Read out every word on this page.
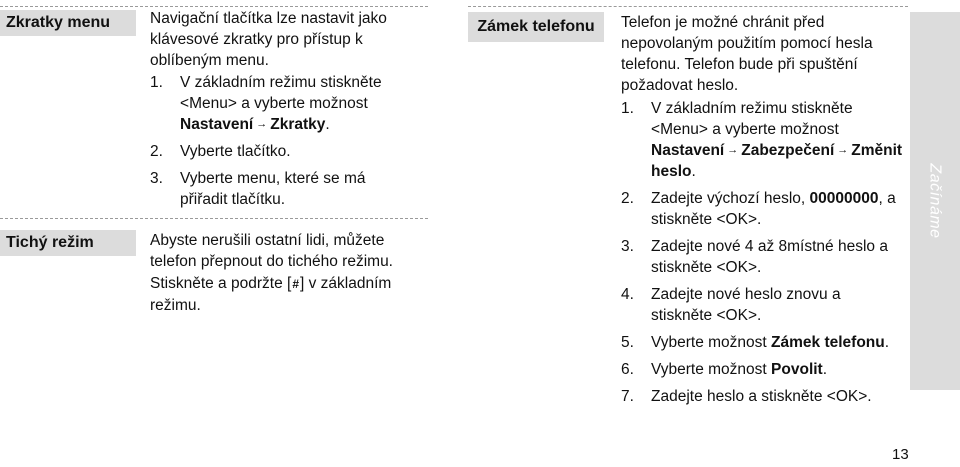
Zkratky menu	Navigační tlačítka lze nastavit jako klávesové zkratky pro přístup k oblíbeným menu.

1. V základním režimu stiskněte <Menu> a vyberte možnost Nastavení → Zkratky.
2. Vyberte tlačítko.
3. Vyberte menu, které se má přiřadit tlačítku.
Tichý režim	Abyste nerušili ostatní lidi, můžete telefon přepnout do tichého režimu.

Stiskněte a podržte [#] v základním režimu.

Zámek telefonu Telefon je možné chránit před nepovolaným použitím pomocí hesla telefonu. Telefon bude při spuštění požadovat heslo.

1. V základním režimu stiskněte <Menu> a vyberte možnost Nastavení → Zabezpečení → Změnit heslo.
2. Zadejte výchozí heslo, 00000000, a stiskněte <OK>.
3. Zadejte nové 4 až 8místné heslo a stiskněte <OK>.
4. Zadejte nové heslo znovu a stiskněte <OK>.
5. Vyberte možnost Zámek telefonu.
6. Vyberte možnost Povolit.
7. Zadejte heslo a stiskněte <OK>.
Začínáme
13
